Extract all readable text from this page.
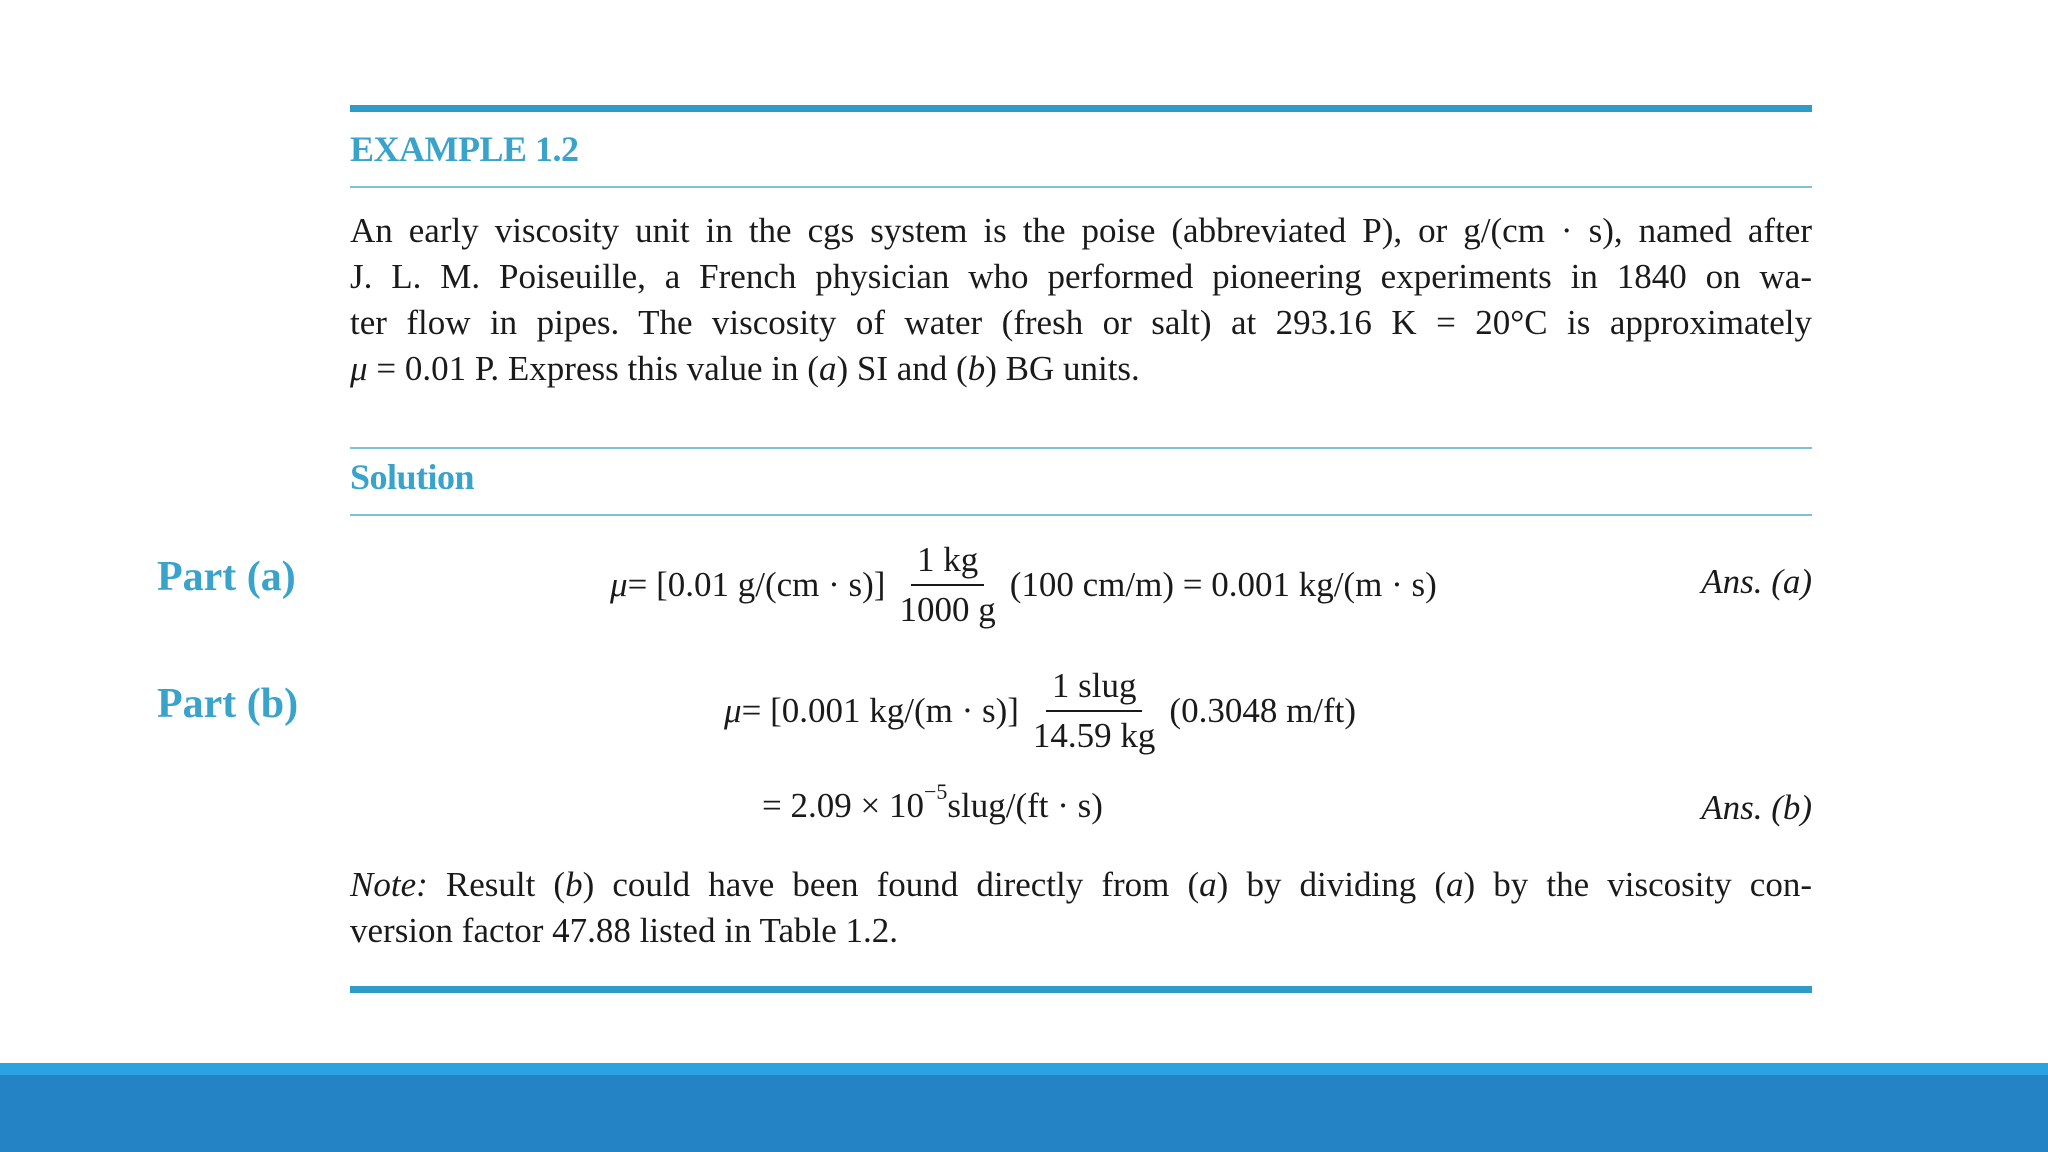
EXAMPLE 1.2
An early viscosity unit in the cgs system is the poise (abbreviated P), or g/(cm · s), named after
J. L. M. Poiseuille, a French physician who performed pioneering experiments in 1840 on wa-
ter flow in pipes. The viscosity of water (fresh or salt) at 293.16 K = 20°C is approximately
μ = 0.01 P. Express this value in (a) SI and (b) BG units.
Solution
Part (a)	μ = [0.01 $g/(cm \cdot s)] \frac{1 kg}{1000 g} (100$ cm/m) = 0.001 kg/(m · s)	Ans. (a)
Part (b)	μ = [0.001 $kg/(m \cdot s)] \frac{\text{1 slug}}{14.59 kg} (0.3048$ m/ft)
= $2.09 \times 10^{-5}$ slug/(ft · s)	Ans. (b)
Note: Result (b) could have been found directly from (a) by dividing (a) by the viscosity con-
version factor 47.88 listed in Table 1.2.
